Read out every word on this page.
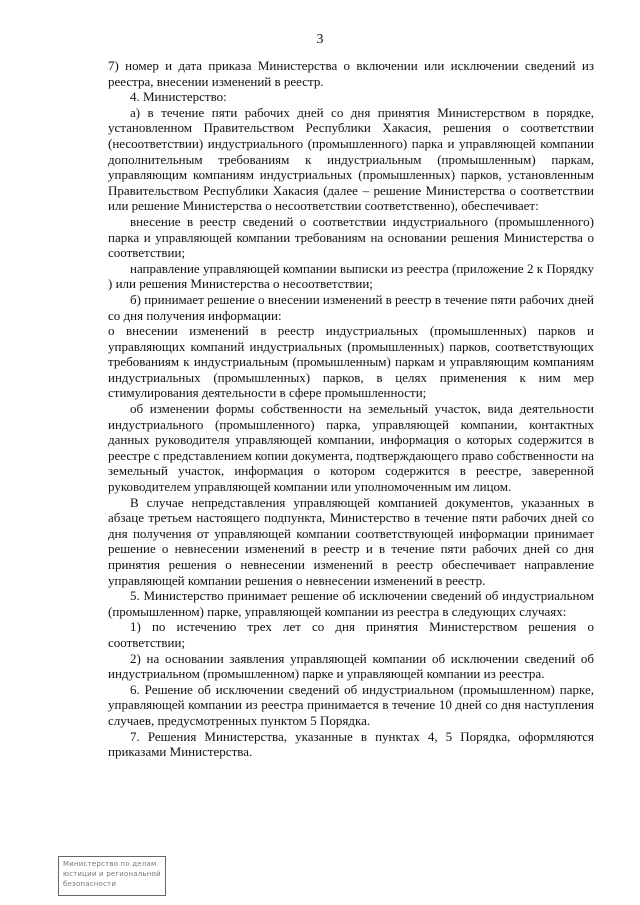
3

7) номер и дата приказа Министерства о включении или исключении сведений из реестра, внесении изменений в реестр.

4. Министерство:

а) в течение пяти рабочих дней со дня принятия Министерством в порядке, установленном Правительством Республики Хакасия, решения о соответствии (несоответствии) индустриального (промышленного) парка и управляющей компании дополнительным требованиям к индустриальным (промышленным) паркам, управляющим компаниям индустриальных (промышленных) парков, установленным Правительством Республики Хакасия (далее – решение Министерства о соответствии или решение Министерства о несоответствии соответственно), обеспечивает:

внесение в реестр сведений о соответствии индустриального (промышленного) парка и управляющей компании требованиям на основании решения Министерства о соответствии;

направление управляющей компании выписки из реестра (приложение 2 к Порядку ) или решения Министерства о несоответствии;

б) принимает решение о внесении изменений в реестр в течение пяти рабочих дней со дня получения информации:

о внесении изменений в реестр индустриальных (промышленных) парков и управляющих компаний индустриальных (промышленных) парков, соответствующих требованиям к индустриальным (промышленным) паркам и управляющим компаниям индустриальных (промышленных) парков, в целях применения к ним мер стимулирования деятельности в сфере промышленности;

об изменении формы собственности на земельный участок, вида деятельности индустриального (промышленного) парка, управляющей компании, контактных данных руководителя управляющей компании, информация о которых содержится в реестре с представлением копии документа, подтверждающего право собственности на земельный участок, информация о котором содержится в реестре, заверенной руководителем управляющей компании или уполномоченным им лицом.

В случае непредставления управляющей компанией документов, указанных в абзаце третьем настоящего подпункта, Министерство в течение пяти рабочих дней со дня получения от управляющей компании соответствующей информации принимает решение о невнесении изменений в реестр и в течение пяти рабочих дней со дня принятия решения о невнесении изменений в реестр обеспечивает направление управляющей компании решения о невнесении изменений в реестр.

5. Министерство принимает решение об исключении сведений об индустриальном (промышленном) парке, управляющей компании из реестра в следующих случаях:

1) по истечению трех лет со дня принятия Министерством решения о соответствии;

2) на основании заявления управляющей компании об исключении сведений об индустриальном (промышленном) парке и управляющей компании из реестра.

6. Решение об исключении сведений об индустриальном (промышленном) парке, управляющей компании из реестра принимается в течение 10 дней со дня наступления случаев, предусмотренных пунктом 5 Порядка.

7. Решения Министерства, указанные в пунктах 4, 5 Порядка, оформляются приказами Министерства.

Министерство по делам
юстиции и региональной
безопасности
